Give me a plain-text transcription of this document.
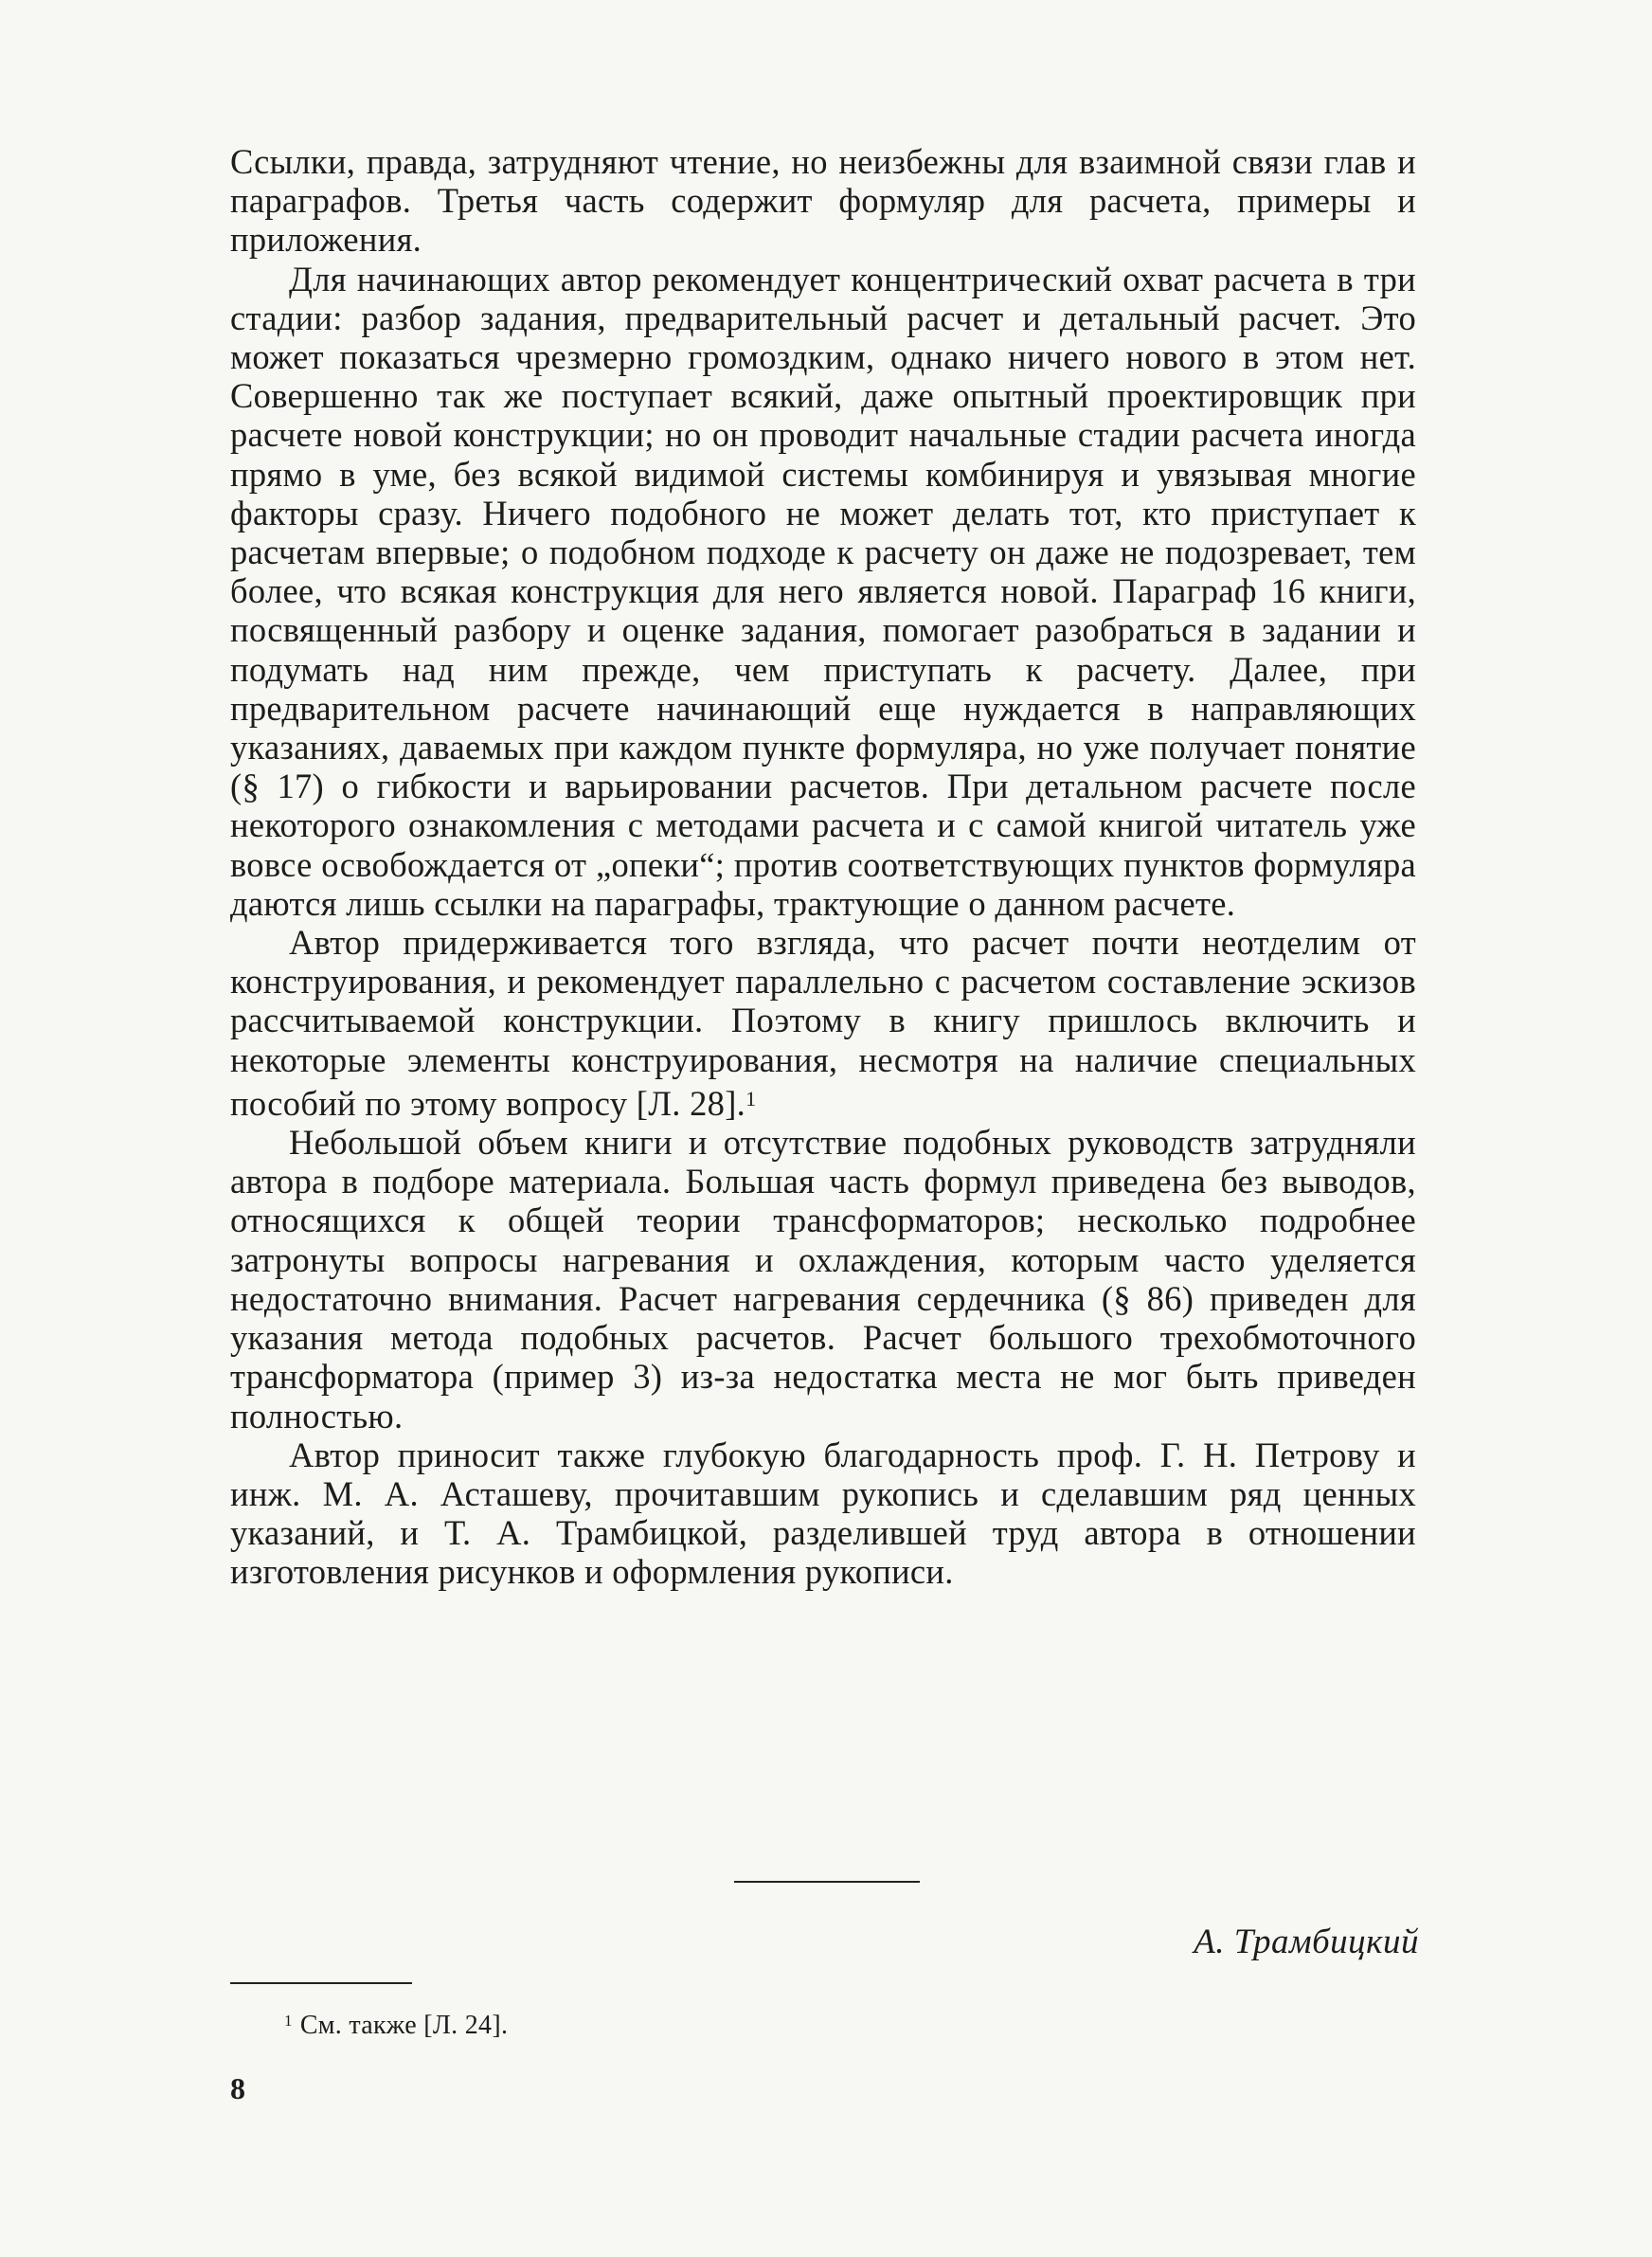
Ссылки, правда, затрудняют чтение, но неизбежны для взаимной связи глав и параграфов. Третья часть содержит формуляр для расчета, примеры и приложения.

Для начинающих автор рекомендует концентрический охват расчета в три стадии: разбор задания, предварительный расчет и детальный расчет. Это может показаться чрезмерно громоздким, однако ничего нового в этом нет. Совершенно так же поступает всякий, даже опытный проектировщик при расчете новой конструкции; но он проводит начальные стадии расчета иногда прямо в уме, без всякой видимой системы комбинируя и увязывая многие факторы сразу. Ничего подобного не может делать тот, кто приступает к расчетам впервые; о подобном подходе к расчету он даже не подозревает, тем более, что всякая конструкция для него является новой. Параграф 16 книги, посвященный разбору и оценке задания, помогает разобраться в задании и подумать над ним прежде, чем приступать к расчету. Далее, при предварительном расчете начинающий еще нуждается в направляющих указаниях, даваемых при каждом пункте формуляра, но уже получает понятие (§ 17) о гибкости и варьировании расчетов. При детальном расчете после некоторого ознакомления с методами расчета и с самой книгой читатель уже вовсе освобождается от „опеки“; против соответствующих пунктов формуляра даются лишь ссылки на параграфы, трактующие о данном расчете.

Автор придерживается того взгляда, что расчет почти неотделим от конструирования, и рекомендует параллельно с расчетом составление эскизов рассчитываемой конструкции. Поэтому в книгу пришлось включить и некоторые элементы конструирования, несмотря на наличие специальных пособий по этому вопросу [Л. 28].$^1$

Небольшой объем книги и отсутствие подобных руководств затрудняли автора в подборе материала. Большая часть формул приведена без выводов, относящихся к общей теории трансформаторов; несколько подробнее затронуты вопросы нагревания и охлаждения, которым часто уделяется недостаточно внимания. Расчет нагревания сердечника (§ 86) приведен для указания метода подобных расчетов. Расчет большого трехобмоточного трансформатора (пример 3) из-за недостатка места не мог быть приведен полностью.

Автор приносит также глубокую благодарность проф. Г. Н. Петрову и инж. М. А. Асташеву, прочитавшим рукопись и сделавшим ряд ценных указаний, и Т. А. Трамбицкой, разделившей труд автора в отношении изготовления рисунков и оформления рукописи.

А. Трамбицкий
$^1$ См. также [Л. 24].
8
